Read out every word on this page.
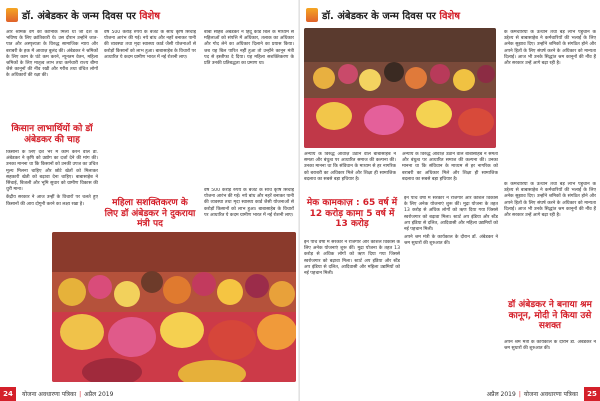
डॉ. अंबेडकर के जन्म दिवस पर विशेष

और श्रमिक वर्ग को कानिकि मिला था जो देश के भविष्य के लिए क्रांतिकारी थे। उस दौरान उन्होंने जात-पात और अस्पृश्यता के विरुद्ध सामाजिक न्याय और बराबरी के हक में आवाज़ बुलंद की। अंबेडकर ने श्रमिकों के लिए काम के घंटे कम करने, न्यूनतम वेतन, महिला श्रमिकों के लिए मातृत्व लाभ तथा कर्मचारी राज्य बीमा जैसे कानूनों की नींव रखी और गरीब तथा वंचित लोगों के अधिकारों की रक्षा की।

किसान लाभार्थियों को डॉ अंबेडकर की चाह

किसानों के लिए देश भर में काम करने वाले डॉ. अंबेडकर ने कृषि को उद्योग का दर्जा देने की मांग की। उनका मानना था कि किसानों को उनकी उपज का उचित मूल्य मिलना चाहिए और छोटे खेतों को मिलाकर सहकारी खेती को बढ़ावा देना चाहिए। बाबासाहेब ने सिंचाई, बिजली और भूमि सुधार को ग्रामीण विकास की धुरी माना।

केंद्रीय सरकार ने आज उन्हीं के विचारों पर चलते हुए किसानों की आय दोगुनी करने का लक्ष्य रखा है।

वर्ष 500 करोड़ रुपये के बजट के साथ कृषि सिंचाई योजना आरंभ की गई। नये बांध और नहरें बनाकर पानी की व्यवस्था तथा मृदा स्वास्थ्य कार्ड जैसी योजनाओं से करोड़ों किसानों को लाभ हुआ। बाबासाहेब के विचारों पर आधारित ये कदम ग्रामीण भारत में नई रोशनी लाए।

बाबा साहेब अंबेडकर ने हिंदू कोड बिल के माध्यम से महिलाओं को संपत्ति में अधिकार, तलाक का अधिकार और गोद लेने का अधिकार दिलाने का प्रयास किया। जब यह बिल पारित नहीं हुआ तो उन्होंने कानून मंत्री पद से इस्तीफा दे दिया। यह महिला सशक्तिकरण के प्रति उनकी प्रतिबद्धता का प्रमाण था।

महिला सशक्तिकरण के लिए डॉ अंबेडकर ने दुकराया मंत्री पद

वर्ष 500 करोड़ रुपये के बजट के साथ कृषि सिंचाई योजना आरंभ की गई। नये बांध और नहरें बनाकर पानी की व्यवस्था तथा मृदा स्वास्थ्य कार्ड जैसी योजनाओं से करोड़ों किसानों को लाभ हुआ। बाबासाहेब के विचारों पर आधारित ये कदम ग्रामीण भारत में नई रोशनी लाए।

24	योजना अवधारणा पत्रिका | अप्रैल 2019
डॉ. अंबेडकर के जन्म दिवस पर विशेष

के कर्मचारियों के उत्थान तथा बड़े लाभ पहुंचाने के उद्देश्य से बाबासाहेब ने कर्मचारियों की भलाई के लिए अनेक सुझाव दिए। उन्होंने श्रमिकों के संगठित होने और अपने हितों के लिए संघर्ष करने के अधिकार को मान्यता दिलाई। आज भी उनके सिद्धांत श्रम कानूनों की नींव हैं और सरकार उन्हें आगे बढ़ा रही है।

अन्याय के विरुद्ध आवाज़ उठाने वाले बाबासाहेब ने समता और बंधुत्व पर आधारित समाज की कल्पना की। उनका मानना था कि संविधान के माध्यम से हर नागरिक को बराबरी का अधिकार मिले और शिक्षा ही सामाजिक बदलाव का सबसे बड़ा हथियार है।

अन्याय के विरुद्ध आवाज़ उठाने वाले बाबासाहेब ने समता और बंधुत्व पर आधारित समाज की कल्पना की। उनका मानना था कि संविधान के माध्यम से हर नागरिक को बराबरी का अधिकार मिले और शिक्षा ही सामाजिक बदलाव का सबसे बड़ा हथियार है।

मेक कामकाज़ : 65 वर्ष में 12 करोड़ कामा 5 वर्ष में 13 करोड़

इन पांच वर्षों में सरकार ने रोजगार और कौशल विकास के लिए अनेक योजनाएं शुरू कीं। मुद्रा योजना के तहत 13 करोड़ से अधिक लोगों को ऋण दिया गया जिससे स्वरोजगार को बढ़ावा मिला। स्टार्ट अप इंडिया और स्टैंड अप इंडिया से दलित, आदिवासी और महिला उद्यमियों को नई पहचान मिली।

इन पांच वर्षों में सरकार ने रोजगार और कौशल विकास के लिए अनेक योजनाएं शुरू कीं। मुद्रा योजना के तहत 13 करोड़ से अधिक लोगों को ऋण दिया गया जिससे स्वरोजगार को बढ़ावा मिला। स्टार्ट अप इंडिया और स्टैंड अप इंडिया से दलित, आदिवासी और महिला उद्यमियों को नई पहचान मिली।

अपने श्रम मंत्री के कार्यकाल के दौरान डॉ. अंबेडकर ने श्रम सुधारों की शुरुआत की।

के कर्मचारियों के उत्थान तथा बड़े लाभ पहुंचाने के उद्देश्य से बाबासाहेब ने कर्मचारियों की भलाई के लिए अनेक सुझाव दिए। उन्होंने श्रमिकों के संगठित होने और अपने हितों के लिए संघर्ष करने के अधिकार को मान्यता दिलाई। आज भी उनके सिद्धांत श्रम कानूनों की नींव हैं और सरकार उन्हें आगे बढ़ा रही है।

डॉ अंबेडकर ने बनाया श्रम कानून, मोदी ने किया उसे सशक्त

अपने श्रम मंत्री के कार्यकाल के दौरान डॉ. अंबेडकर ने श्रम सुधारों की शुरुआत की।

अप्रैल 2019 | योजना अवधारणा पत्रिका	25
